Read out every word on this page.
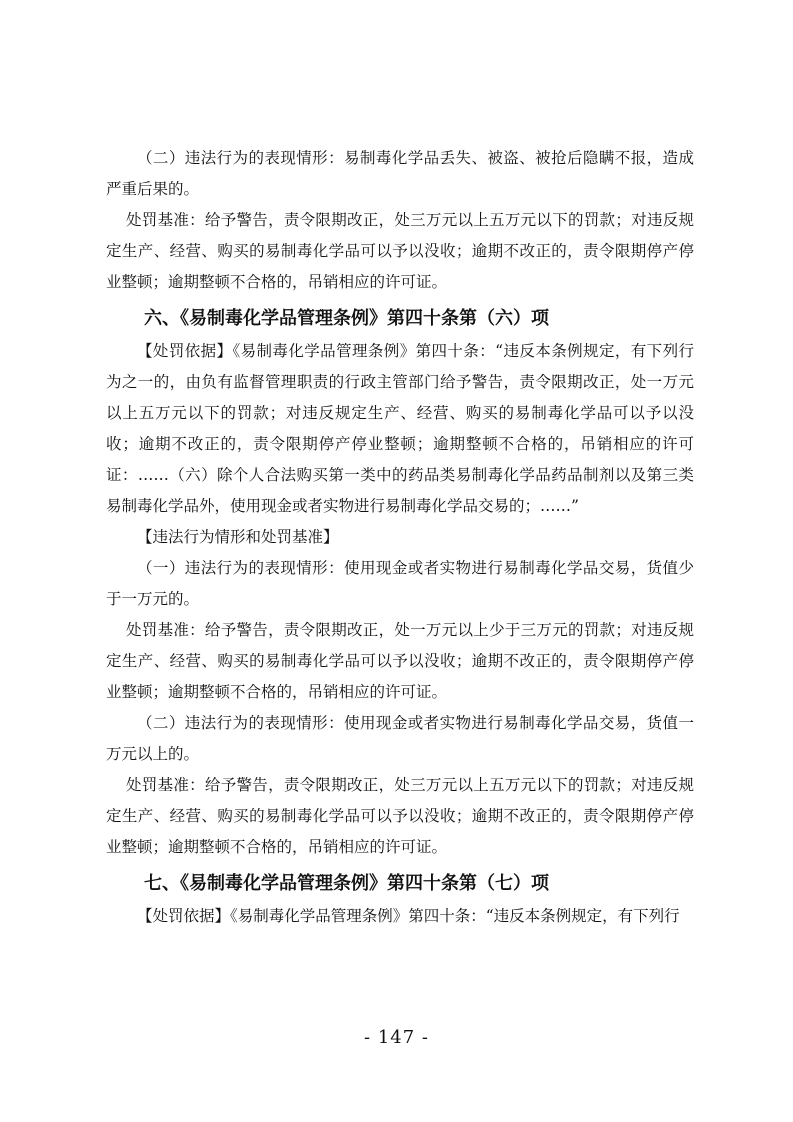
（二）违法行为的表现情形：易制毒化学品丢失、被盗、被抢后隐瞒不报，造成严重后果的。

处罚基准：给予警告，责令限期改正，处三万元以上五万元以下的罚款；对违反规定生产、经营、购买的易制毒化学品可以予以没收；逾期不改正的，责令限期停产停业整顿；逾期整顿不合格的，吊销相应的许可证。

六、《易制毒化学品管理条例》第四十条第（六）项

【处罚依据】《易制毒化学品管理条例》第四十条：“违反本条例规定，有下列行为之一的，由负有监督管理职责的行政主管部门给予警告，责令限期改正，处一万元以上五万元以下的罚款；对违反规定生产、经营、购买的易制毒化学品可以予以没收；逾期不改正的，责令限期停产停业整顿；逾期整顿不合格的，吊销相应的许可证：……（六）除个人合法购买第一类中的药品类易制毒化学品药品制剂以及第三类易制毒化学品外，使用现金或者实物进行易制毒化学品交易的；……”

【违法行为情形和处罚基准】

（一）违法行为的表现情形：使用现金或者实物进行易制毒化学品交易，货值少于一万元的。

处罚基准：给予警告，责令限期改正，处一万元以上少于三万元的罚款；对违反规定生产、经营、购买的易制毒化学品可以予以没收；逾期不改正的，责令限期停产停业整顿；逾期整顿不合格的，吊销相应的许可证。

（二）违法行为的表现情形：使用现金或者实物进行易制毒化学品交易，货值一万元以上的。

处罚基准：给予警告，责令限期改正，处三万元以上五万元以下的罚款；对违反规定生产、经营、购买的易制毒化学品可以予以没收；逾期不改正的，责令限期停产停业整顿；逾期整顿不合格的，吊销相应的许可证。

七、《易制毒化学品管理条例》第四十条第（七）项

【处罚依据】《易制毒化学品管理条例》第四十条：“违反本条例规定，有下列行

- 147 -
